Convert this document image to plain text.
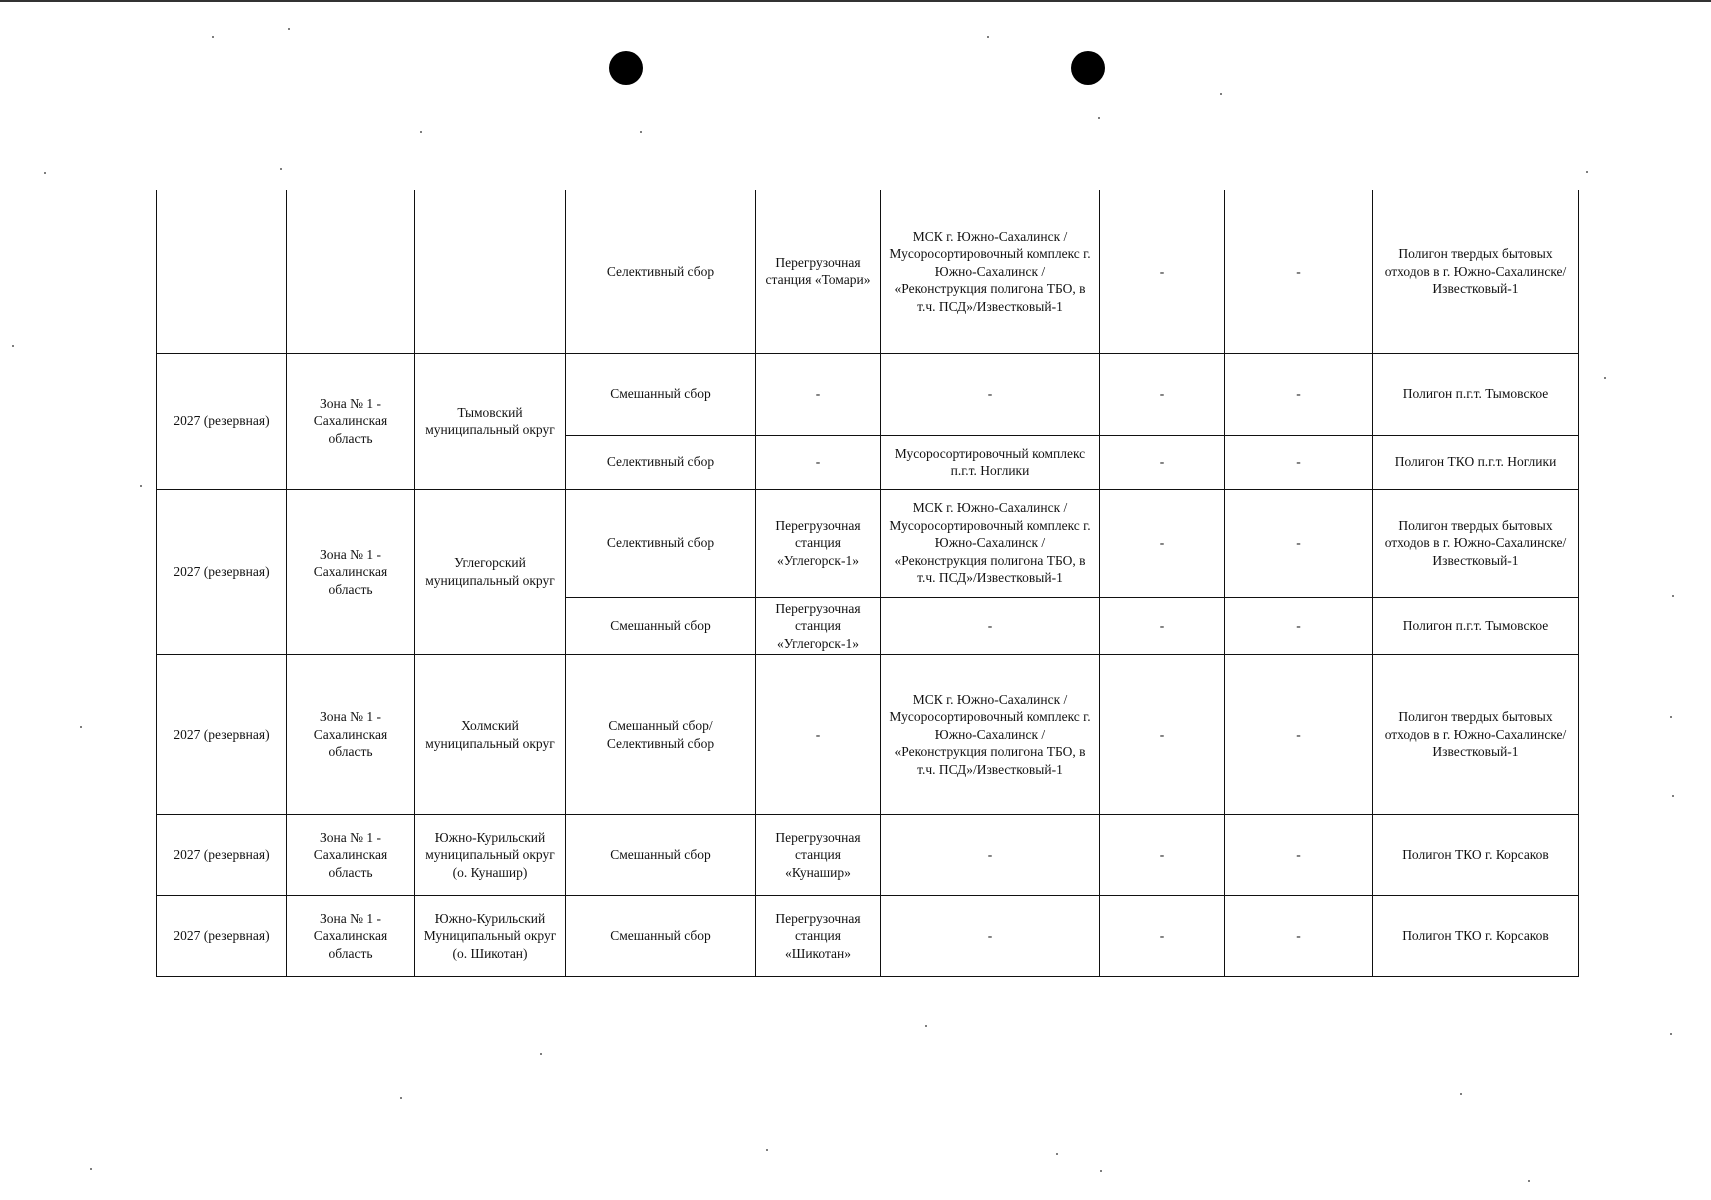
			Селективный сбор	Перегрузочная станция «Томари»	МСК г. Южно-Сахалинск / Мусоросортировочный комплекс г. Южно-Сахалинск / «Реконструкция полигона ТБО, в т.ч. ПСД»/Известковый-1	-	-	Полигон твердых бытовых отходов в г. Южно-Сахалинске/Известковый-1
2027 (резервная)	Зона № 1 - Сахалинская область	Тымовский муниципальный округ	Смешанный сбор	-	-	-	-	Полигон п.г.т. Тымовское
			Селективный сбор	-	Мусоросортировочный комплекс п.г.т. Ноглики	-	-	Полигон ТКО п.г.т. Ноглики
2027 (резервная)	Зона № 1 - Сахалинская область	Углегорский муниципальный округ	Селективный сбор	Перегрузочная станция «Углегорск-1»	МСК г. Южно-Сахалинск / Мусоросортировочный комплекс г. Южно-Сахалинск / «Реконструкция полигона ТБО, в т.ч. ПСД»/Известковый-1	-	-	Полигон твердых бытовых отходов в г. Южно-Сахалинске/Известковый-1
			Смешанный сбор	Перегрузочная станция «Углегорск-1»	-	-	-	Полигон п.г.т. Тымовское
2027 (резервная)	Зона № 1 - Сахалинская область	Холмский муниципальный округ	Смешанный сбор/ Селективный сбор	-	МСК г. Южно-Сахалинск / Мусоросортировочный комплекс г. Южно-Сахалинск / «Реконструкция полигона ТБО, в т.ч. ПСД»/Известковый-1	-	-	Полигон твердых бытовых отходов в г. Южно-Сахалинске/Известковый-1
2027 (резервная)	Зона № 1 - Сахалинская область	Южно-Курильский муниципальный округ (о. Кунашир)	Смешанный сбор	Перегрузочная станция «Кунашир»	-	-	-	Полигон ТКО г. Корсаков
2027 (резервная)	Зона № 1 - Сахалинская область	Южно-Курильский Муниципальный округ (о. Шикотан)	Смешанный сбор	Перегрузочная станция «Шикотан»	-	-	-	Полигон ТКО г. Корсаков
